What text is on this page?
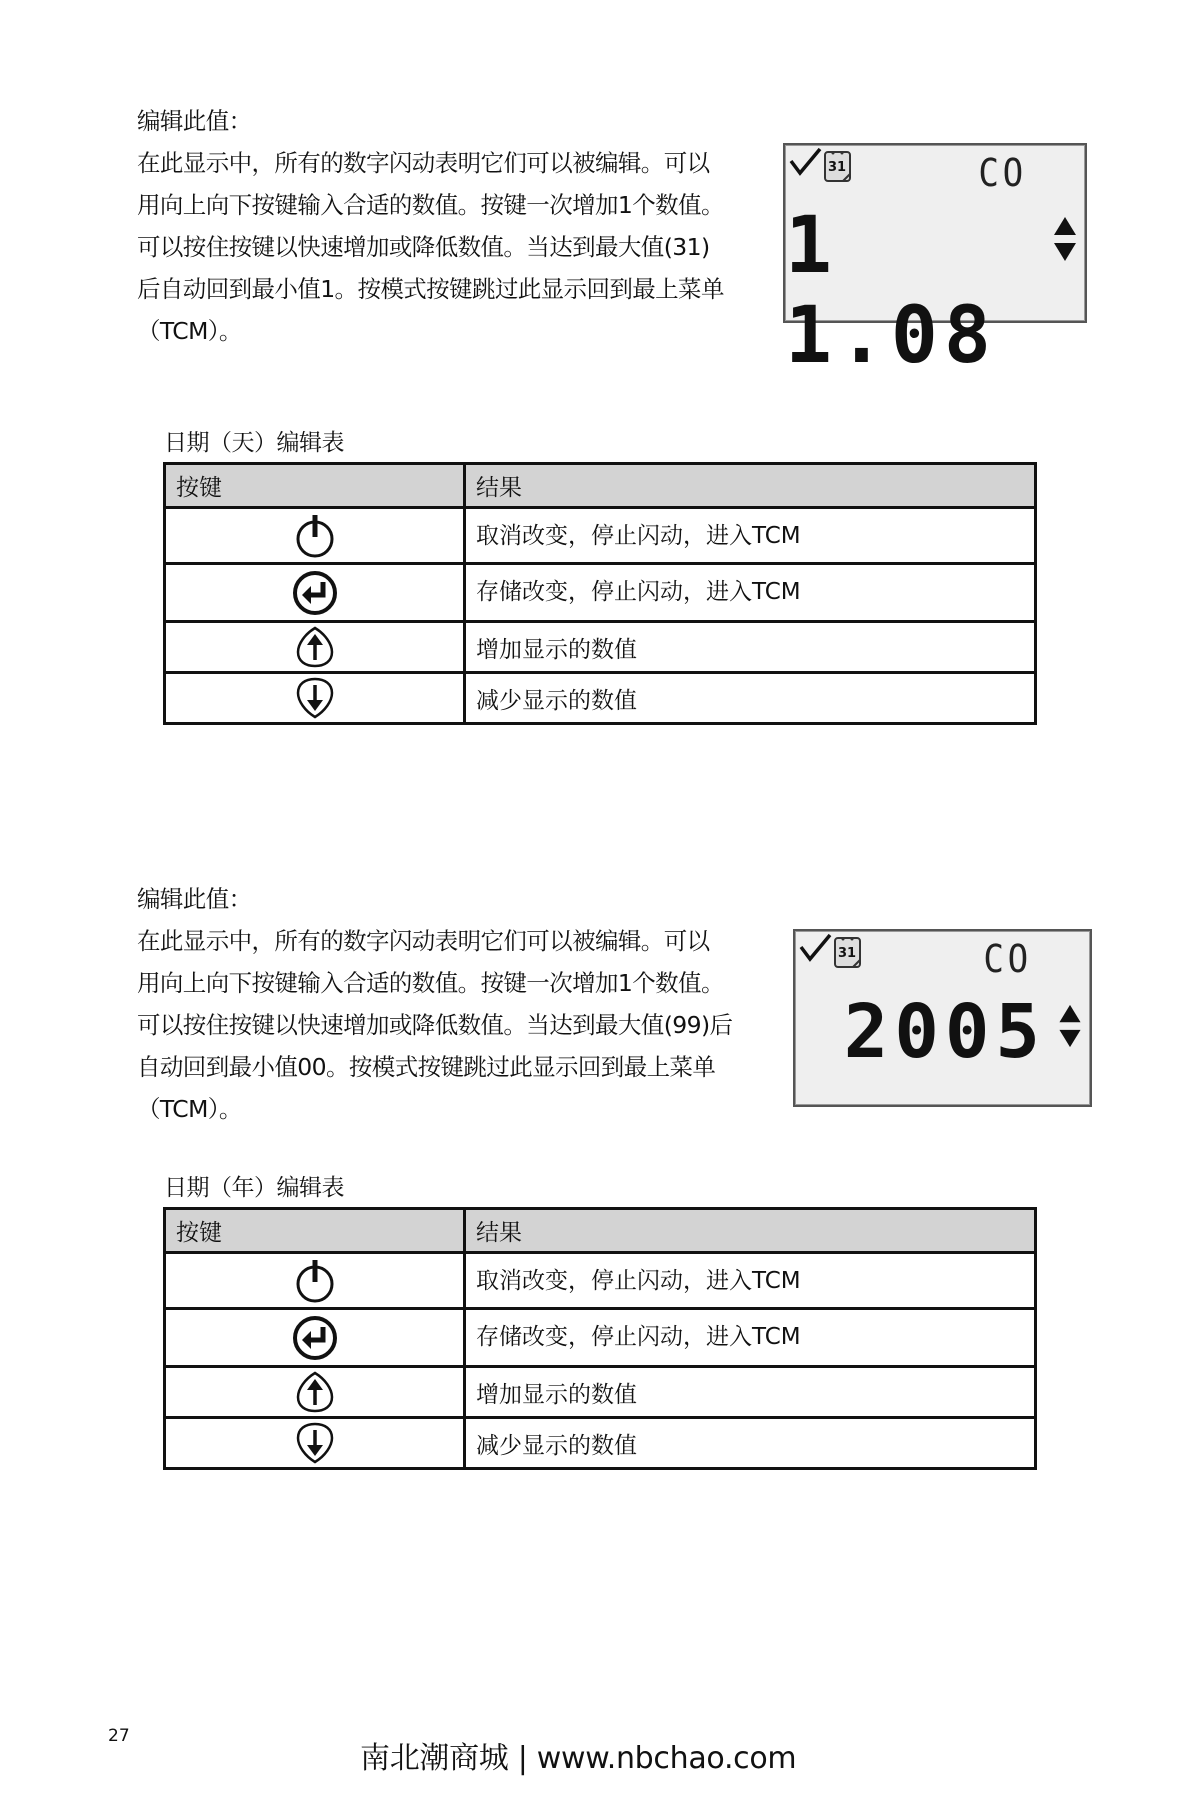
编辑此值：
在此显示中，所有的数字闪动表明它们可以被编辑。可以
用向上向下按键输入合适的数值。按键一次增加1个数值。
可以按住按键以快速增加或降低数值。当达到最大值(31)
后自动回到最小值1。按模式按键跳过此显示回到最上菜单
（TCM）。
31	CO
1 1.08
日期（天）编辑表
按键	结果

	取消改变，停止闪动，进入TCM

	存储改变，停止闪动，进入TCM

	增加显示的数值

	减少显示的数值
编辑此值：
在此显示中，所有的数字闪动表明它们可以被编辑。可以
用向上向下按键输入合适的数值。按键一次增加1个数值。
可以按住按键以快速增加或降低数值。当达到最大值(99)后
自动回到最小值00。按模式按键跳过此显示回到最上菜单
（TCM）。
31	CO
2005
日期（年）编辑表
按键	结果

	取消改变，停止闪动，进入TCM

	存储改变，停止闪动，进入TCM

	增加显示的数值

	减少显示的数值
27
南北潮商城 | www.nbchao.com
